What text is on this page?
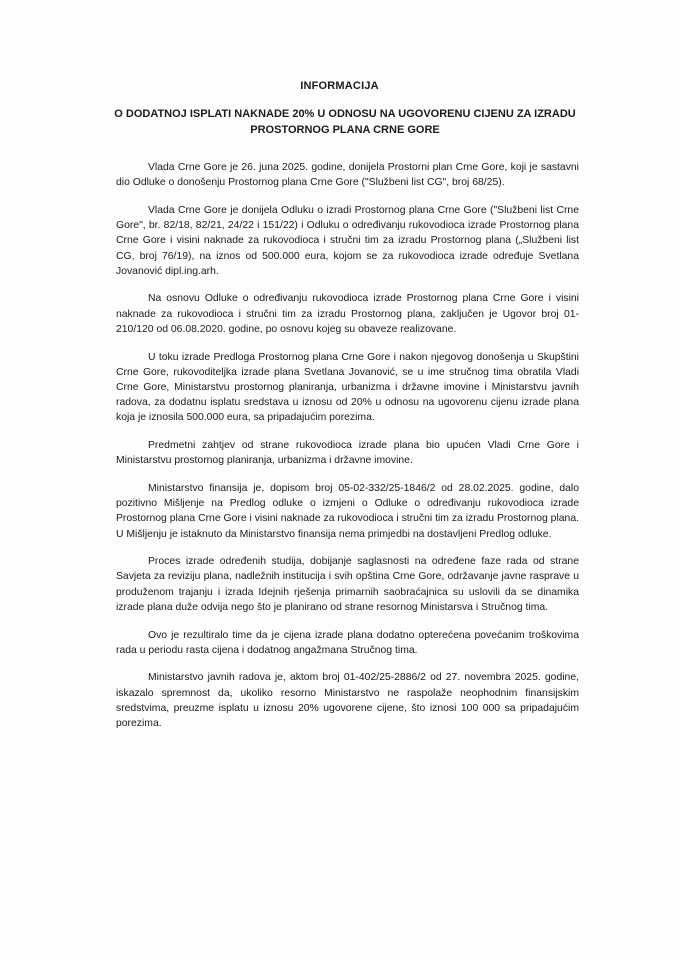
INFORMACIJA
O DODATNOJ ISPLATI NAKNADE 20% U ODNOSU NA UGOVORENU CIJENU ZA IZRADU PROSTORNOG PLANA CRNE GORE

Vlada Crne Gore je 26. juna 2025. godine, donijela Prostorni plan Crne Gore, koji je sastavni dio Odluke o donošenju Prostornog plana Crne Gore ("Službeni list CG", broj 68/25).

Vlada Crne Gore je donijela Odluku o izradi Prostornog plana Crne Gore ("Službeni list Crne Gore", br. 82/18, 82/21, 24/22 i 151/22) i Odluku o određivanju rukovodioca izrade Prostornog plana Crne Gore i visini naknade za rukovodioca i stručni tim za izradu Prostornog plana („Službeni list CG, broj 76/19), na iznos od 500.000 eura, kojom se za rukovodioca izrade određuje Svetlana Jovanović dipl.ing.arh.

Na osnovu Odluke o određivanju rukovodioca izrade Prostornog plana Crne Gore i visini naknade za rukovodioca i stručni tim za izradu Prostornog plana, zaključen je Ugovor broj 01-210/120 od 06.08.2020. godine, po osnovu kojeg su obaveze realizovane.

U toku izrade Predloga Prostornog plana Crne Gore i nakon njegovog donošenja u Skupštini Crne Gore, rukovoditeljka izrade plana Svetlana Jovanović, se u ime stručnog tima obratila Vladi Crne Gore, Ministarstvu prostornog planiranja, urbanizma i državne imovine i Ministarstvu javnih radova, za dodatnu isplatu sredstava u iznosu od 20% u odnosu na ugovorenu cijenu izrade plana koja je iznosila 500.000 eura, sa pripadajućim porezima.

Predmetni zahtjev od strane rukovodioca izrade plana bio upućen Vladi Crne Gore i Ministarstvu prostornog planiranja, urbanizma i državne imovine.

Ministarstvo finansija je, dopisom broj 05-02-332/25-1846/2 od 28.02.2025. godine, dalo pozitivno Mišljenje na Predlog odluke o izmjeni o Odluke o određivanju rukovodioca izrade Prostornog plana Crne Gore i visini naknade za rukovodioca i stručni tim za izradu Prostornog plana. U Mišljenju je istaknuto da Ministarstvo finansija nema primjedbi na dostavljeni Predlog odluke.

Proces izrade određenih studija, dobijanje saglasnosti na određene faze rada od strane Savjeta za reviziju plana, nadležnih institucija i svih opština Crne Gore, održavanje javne rasprave u produženom trajanju i izrada Idejnih rješenja primarnih saobraćajnica su uslovili da se dinamika izrade plana duže odvija nego što je planirano od strane resornog Ministarsva i Stručnog tima.

Ovo je rezultiralo time da je cijena izrade plana dodatno opterećena povećanim troškovima rada u periodu rasta cijena i dodatnog angažmana Stručnog tima.

Ministarstvo javnih radova je, aktom broj 01-402/25-2886/2 od 27. novembra 2025. godine, iskazalo spremnost da, ukoliko resorno Ministarstvo ne raspolaže neophodnim finansijskim sredstvima, preuzme isplatu u iznosu 20% ugovorene cijene, što iznosi 100 000 sa pripadajućim porezima.
